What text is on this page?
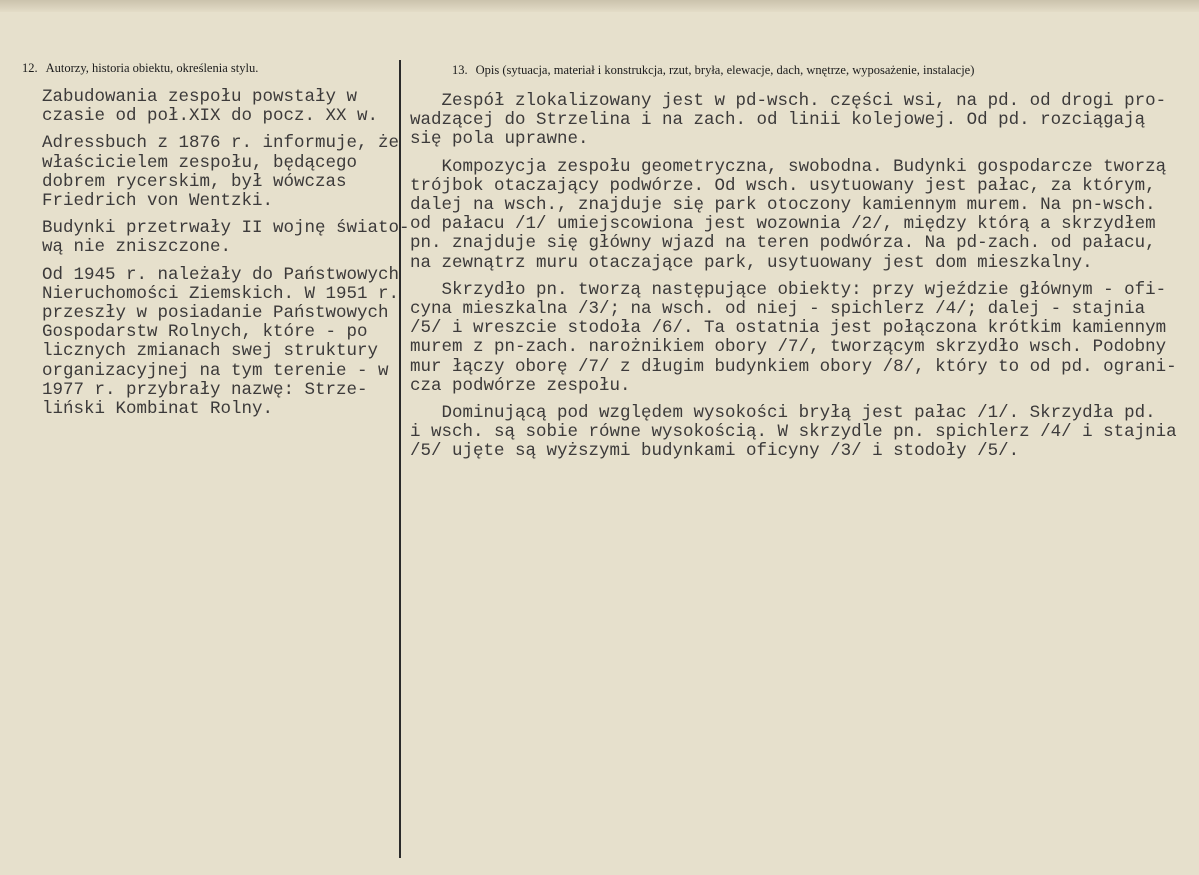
12. Autorzy, historia obiektu, określenia stylu.	13. Opis (sytuacja, materiał i konstrukcja, rzut, bryła, elewacje, dach, wnętrze, wyposażenie, instalacje)
Zabudowania zespołu powstały w
czasie od poł.XIX do pocz. XX w.
Adressbuch z 1876 r. informuje, że
właścicielem zespołu, będącego
dobrem rycerskim, był wówczas
Friedrich von Wentzki.
Budynki przetrwały II wojnę świato-
wą nie zniszczone.
Od 1945 r. należały do Państwowych
Nieruchomości Ziemskich. W 1951 r.
przeszły w posiadanie Państwowych
Gospodarstw Rolnych, które - po
licznych zmianach swej struktury
organizacyjnej na tym terenie - w
1977 r. przybrały nazwę: Strze-
liński Kombinat Rolny.
Zespół zlokalizowany jest w pd-wsch. części wsi, na pd. od drogi pro-
wadzącej do Strzelina i na zach. od linii kolejowej. Od pd. rozciągają
się pola uprawne.
Kompozycja zespołu geometryczna, swobodna. Budynki gospodarcze tworzą
trójbok otaczający podwórze. Od wsch. usytuowany jest pałac, za którym,
dalej na wsch., znajduje się park otoczony kamiennym murem. Na pn-wsch.
od pałacu /1/ umiejscowiona jest wozownia /2/, między którą a skrzydłem
pn. znajduje się główny wjazd na teren podwórza. Na pd-zach. od pałacu,
na zewnątrz muru otaczające park, usytuowany jest dom mieszkalny.
Skrzydło pn. tworzą następujące obiekty: przy wjeździe głównym - ofi-
cyna mieszkalna /3/; na wsch. od niej - spichlerz /4/; dalej - stajnia
/5/ i wreszcie stodoła /6/. Ta ostatnia jest połączona krótkim kamiennym
murem z pn-zach. narożnikiem obory /7/, tworzącym skrzydło wsch. Podobny
mur łączy oborę /7/ z długim budynkiem obory /8/, który to od pd. ograni-
cza podwórze zespołu.
Dominującą pod względem wysokości bryłą jest pałac /1/. Skrzydła pd.
i wsch. są sobie równe wysokością. W skrzydle pn. spichlerz /4/ i stajnia
/5/ ujęte są wyższymi budynkami oficyny /3/ i stodoły /5/.
